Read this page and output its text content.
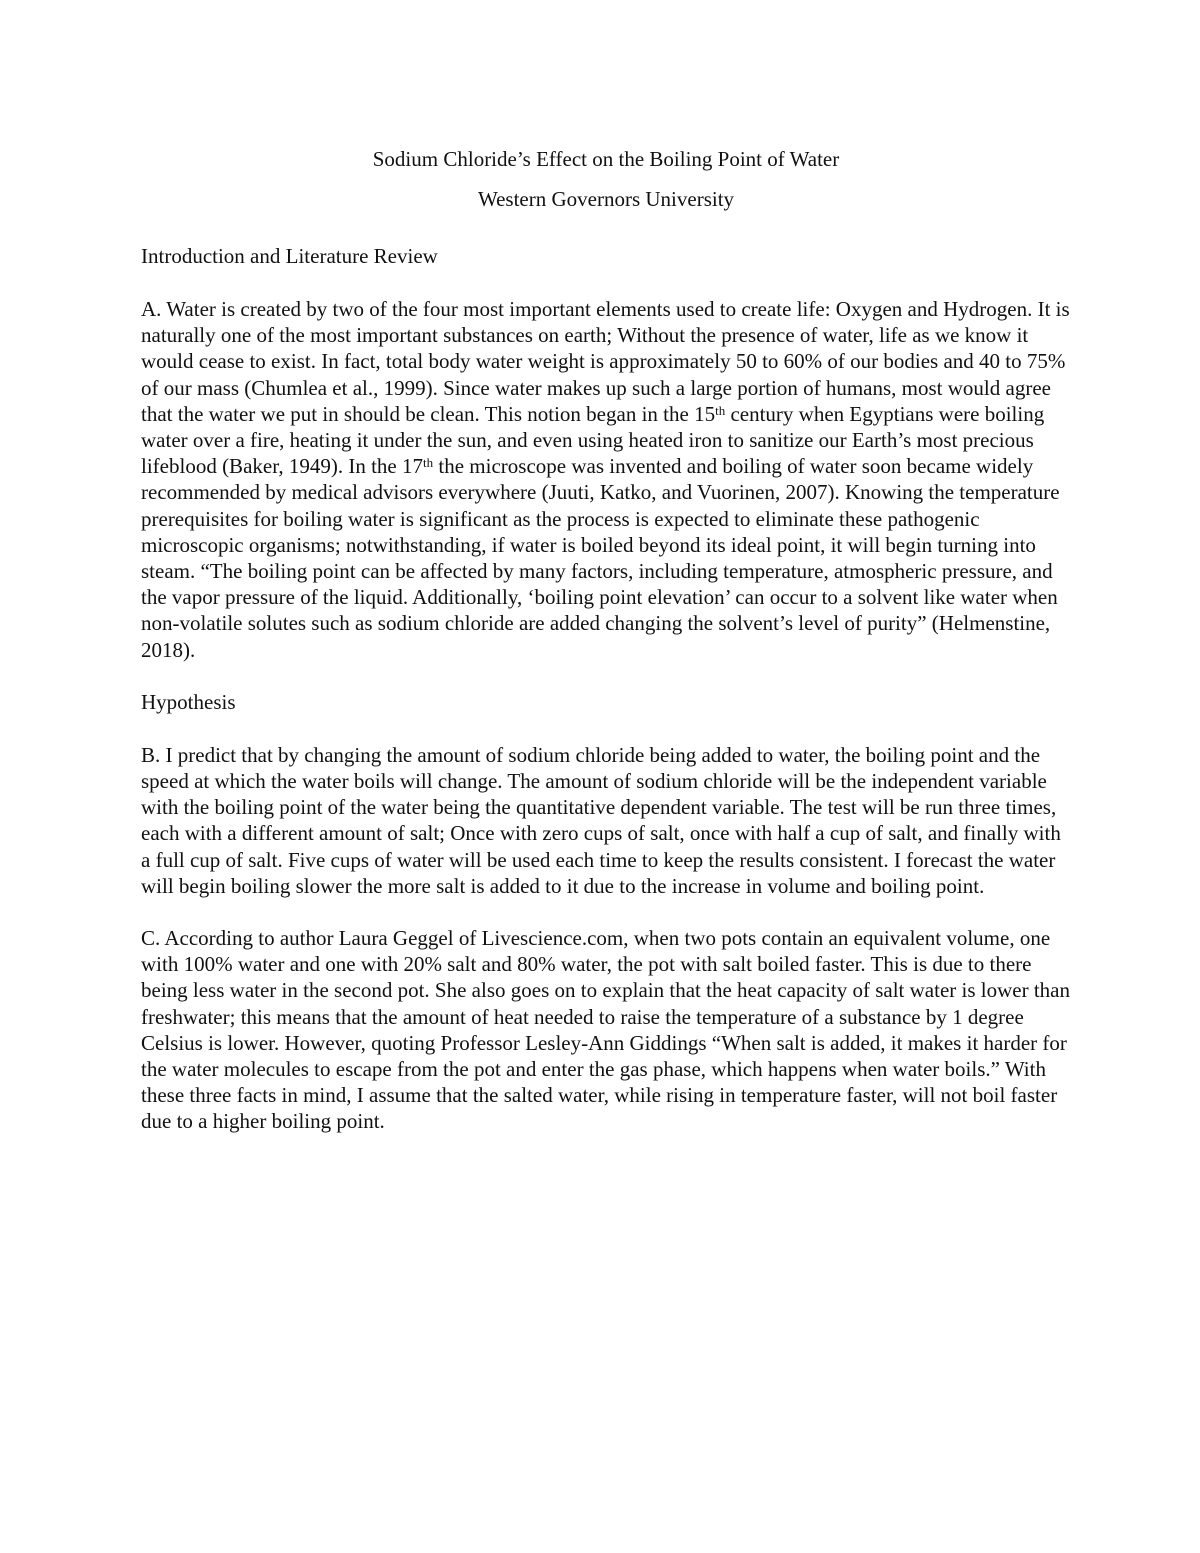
Sodium Chloride’s Effect on the Boiling Point of Water

Western Governors University

Introduction and Literature Review

A. Water is created by two of the four most important elements used to create life: Oxygen and Hydrogen. It is naturally one of the most important substances on earth; Without the presence of water, life as we know it would cease to exist. In fact, total body water weight is approximately 50 to 60% of our bodies and 40 to 75% of our mass (Chumlea et al., 1999). Since water makes up such a large portion of humans, most would agree that the water we put in should be clean. This notion began in the 15th century when Egyptians were boiling water over a fire, heating it under the sun, and even using heated iron to sanitize our Earth’s most precious lifeblood (Baker, 1949). In the 17th the microscope was invented and boiling of water soon became widely recommended by medical advisors everywhere (Juuti, Katko, and Vuorinen, 2007). Knowing the temperature prerequisites for boiling water is significant as the process is expected to eliminate these pathogenic microscopic organisms; notwithstanding, if water is boiled beyond its ideal point, it will begin turning into steam. “The boiling point can be affected by many factors, including temperature, atmospheric pressure, and the vapor pressure of the liquid. Additionally, ‘boiling point elevation’ can occur to a solvent like water when non-volatile solutes such as sodium chloride are added changing the solvent’s level of purity” (Helmenstine, 2018).

Hypothesis

B. I predict that by changing the amount of sodium chloride being added to water, the boiling point and the speed at which the water boils will change. The amount of sodium chloride will be the independent variable with the boiling point of the water being the quantitative dependent variable. The test will be run three times, each with a different amount of salt; Once with zero cups of salt, once with half a cup of salt, and finally with a full cup of salt. Five cups of water will be used each time to keep the results consistent. I forecast the water will begin boiling slower the more salt is added to it due to the increase in volume and boiling point.

C. According to author Laura Geggel of Livescience.com, when two pots contain an equivalent volume, one with 100% water and one with 20% salt and 80% water, the pot with salt boiled faster. This is due to there being less water in the second pot. She also goes on to explain that the heat capacity of salt water is lower than freshwater; this means that the amount of heat needed to raise the temperature of a substance by 1 degree Celsius is lower. However, quoting Professor Lesley-Ann Giddings “When salt is added, it makes it harder for the water molecules to escape from the pot and enter the gas phase, which happens when water boils.” With these three facts in mind, I assume that the salted water, while rising in temperature faster, will not boil faster due to a higher boiling point.
